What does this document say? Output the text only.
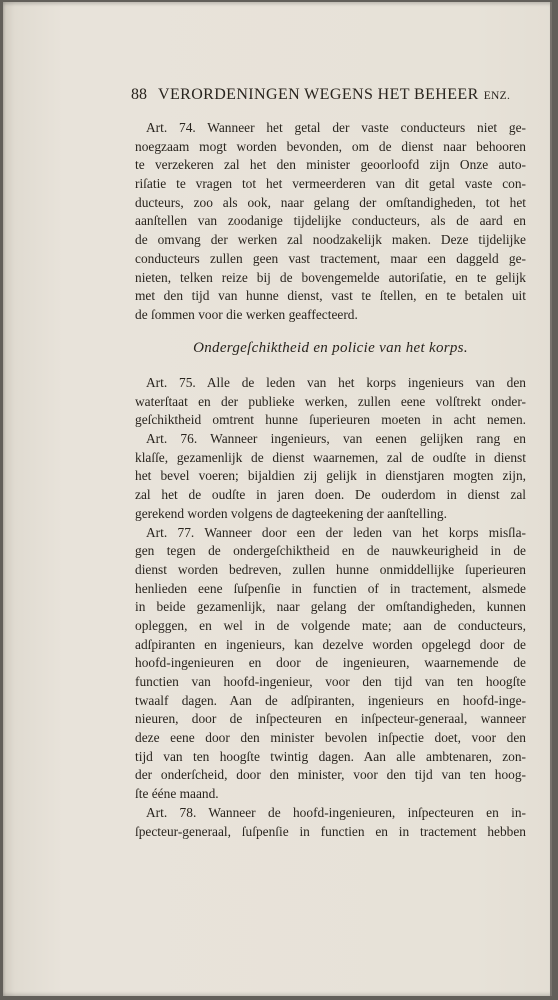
88 VERORDENINGEN WEGENS HET BEHEER ENZ.
Art. 74. Wanneer het getal der vaste conducteurs niet ge-
noegzaam mogt worden bevonden, om de dienst naar behooren
te verzekeren zal het den minister geoorloofd zijn Onze auto-
riſatie te vragen tot het vermeerderen van dit getal vaste con-
ducteurs, zoo als ook, naar gelang der omſtandigheden, tot het
aanſtellen van zoodanige tijdelijke conducteurs, als de aard en
de omvang der werken zal noodzakelijk maken. Deze tijdelijke
conducteurs zullen geen vast tractement, maar een daggeld ge-
nieten, telken reize bij de bovengemelde autoriſatie, en te gelijk
met den tijd van hunne dienst, vast te ſtellen, en te betalen uit
de ſommen voor die werken geaffecteerd.
Ondergeſchiktheid en policie van het korps.
Art. 75. Alle de leden van het korps ingenieurs van den
waterſtaat en der publieke werken, zullen eene volſtrekt onder-
geſchiktheid omtrent hunne ſuperieuren moeten in acht nemen.
Art. 76. Wanneer ingenieurs, van eenen gelijken rang en
klaſſe, gezamenlijk de dienst waarnemen, zal de oudſte in dienst
het bevel voeren; bijaldien zij gelijk in dienstjaren mogten zijn,
zal het de oudſte in jaren doen. De ouderdom in dienst zal
gerekend worden volgens de dagteekening der aanſtelling.
Art. 77. Wanneer door een der leden van het korps misſla-
gen tegen de ondergeſchiktheid en de nauwkeurigheid in de
dienst worden bedreven, zullen hunne onmiddellijke ſuperieuren
henlieden eene ſuſpenſie in functien of in tractement, alsmede
in beide gezamenlijk, naar gelang der omſtandigheden, kunnen
opleggen, en wel in de volgende mate; aan de conducteurs,
adſpiranten en ingenieurs, kan dezelve worden opgelegd door de
hoofd-ingenieuren en door de ingenieuren, waarnemende de
functien van hoofd-ingenieur, voor den tijd van ten hoogſte
twaalf dagen. Aan de adſpiranten, ingenieurs en hoofd-inge-
nieuren, door de inſpecteuren en inſpecteur-generaal, wanneer
deze eene door den minister bevolen inſpectie doet, voor den
tijd van ten hoogſte twintig dagen. Aan alle ambtenaren, zon-
der onderſcheid, door den minister, voor den tijd van ten hoog-
ſte ééne maand.
Art. 78. Wanneer de hoofd-ingenieuren, inſpecteuren en in-
ſpecteur-generaal, ſuſpenſie in functien en in tractement hebben
